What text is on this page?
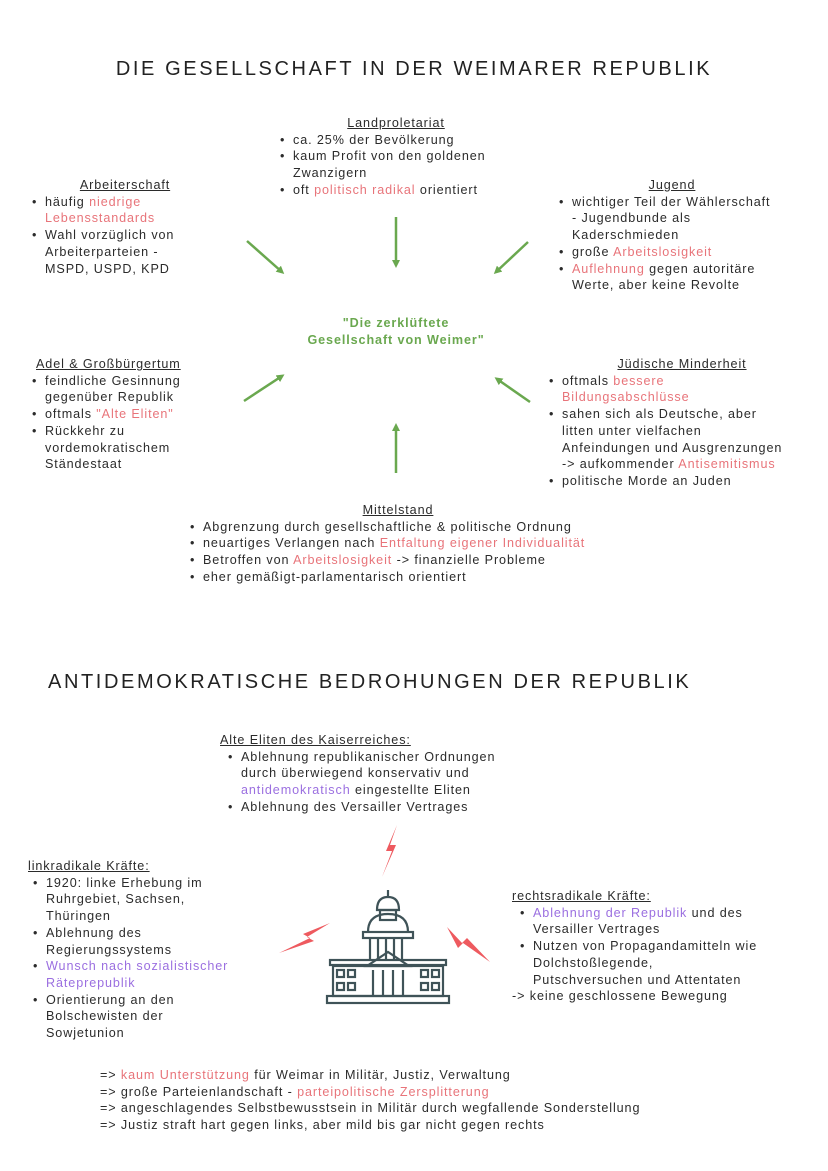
DIE GESELLSCHAFT IN DER WEIMARER REPUBLIK
Landproletariat
• ca. 25% der Bevölkerung
• kaum Profit von den goldenen
Zwanzigern
• oft politisch radikal orientiert
Arbeiterschaft
• häufig niedrige
Lebensstandards
• Wahl vorzüglich von
Arbeiterparteien -
MSPD, USPD, KPD
Jugend
• wichtiger Teil der Wählerschaft
- Jugendbunde als
Kaderschmieden
• große Arbeitslosigkeit
• Auflehnung gegen autoritäre
Werte, aber keine Revolte
Adel & Großbürgertum
• feindliche Gesinnung
gegenüber Republik
• oftmals "Alte Eliten"
• Rückkehr zu
vordemokratischem
Ständestaat
Jüdische Minderheit
• oftmals bessere
Bildungsabschlüsse
• sahen sich als Deutsche, aber
litten unter vielfachen
Anfeindungen und Ausgrenzungen
-> aufkommender Antisemitismus
• politische Morde an Juden
Mittelstand
• Abgrenzung durch gesellschaftliche & politische Ordnung
• neuartiges Verlangen nach Entfaltung eigener Individualität
• Betroffen von Arbeitslosigkeit -> finanzielle Probleme
• eher gemäßigt-parlamentarisch orientiert
"Die zerklüftete
Gesellschaft von Weimer"
ANTIDEMOKRATISCHE BEDROHUNGEN DER REPUBLIK
Alte Eliten des Kaiserreiches:
• Ablehnung republikanischer Ordnungen
durch überwiegend konservativ und
antidemokratisch eingestellte Eliten
• Ablehnung des Versailler Vertrages
linkradikale Kräfte:
• 1920: linke Erhebung im
Ruhrgebiet, Sachsen,
Thüringen
• Ablehnung des
Regierungssystems
• Wunsch nach sozialistischer
Räteprepublik
• Orientierung an den
Bolschewisten der
Sowjetunion
rechtsradikale Kräfte:
• Ablehnung der Republik und des
Versailler Vertrages
• Nutzen von Propagandamitteln wie
Dolchstoßlegende,
Putschversuchen und Attentaten
-> keine geschlossene Bewegung
=> kaum Unterstützung für Weimar in Militär, Justiz, Verwaltung
=> große Parteienlandschaft - parteipolitische Zersplitterung
=> angeschlagendes Selbstbewusstsein in Militär durch wegfallende Sonderstellung
=> Justiz straft hart gegen links, aber mild bis gar nicht gegen rechts
